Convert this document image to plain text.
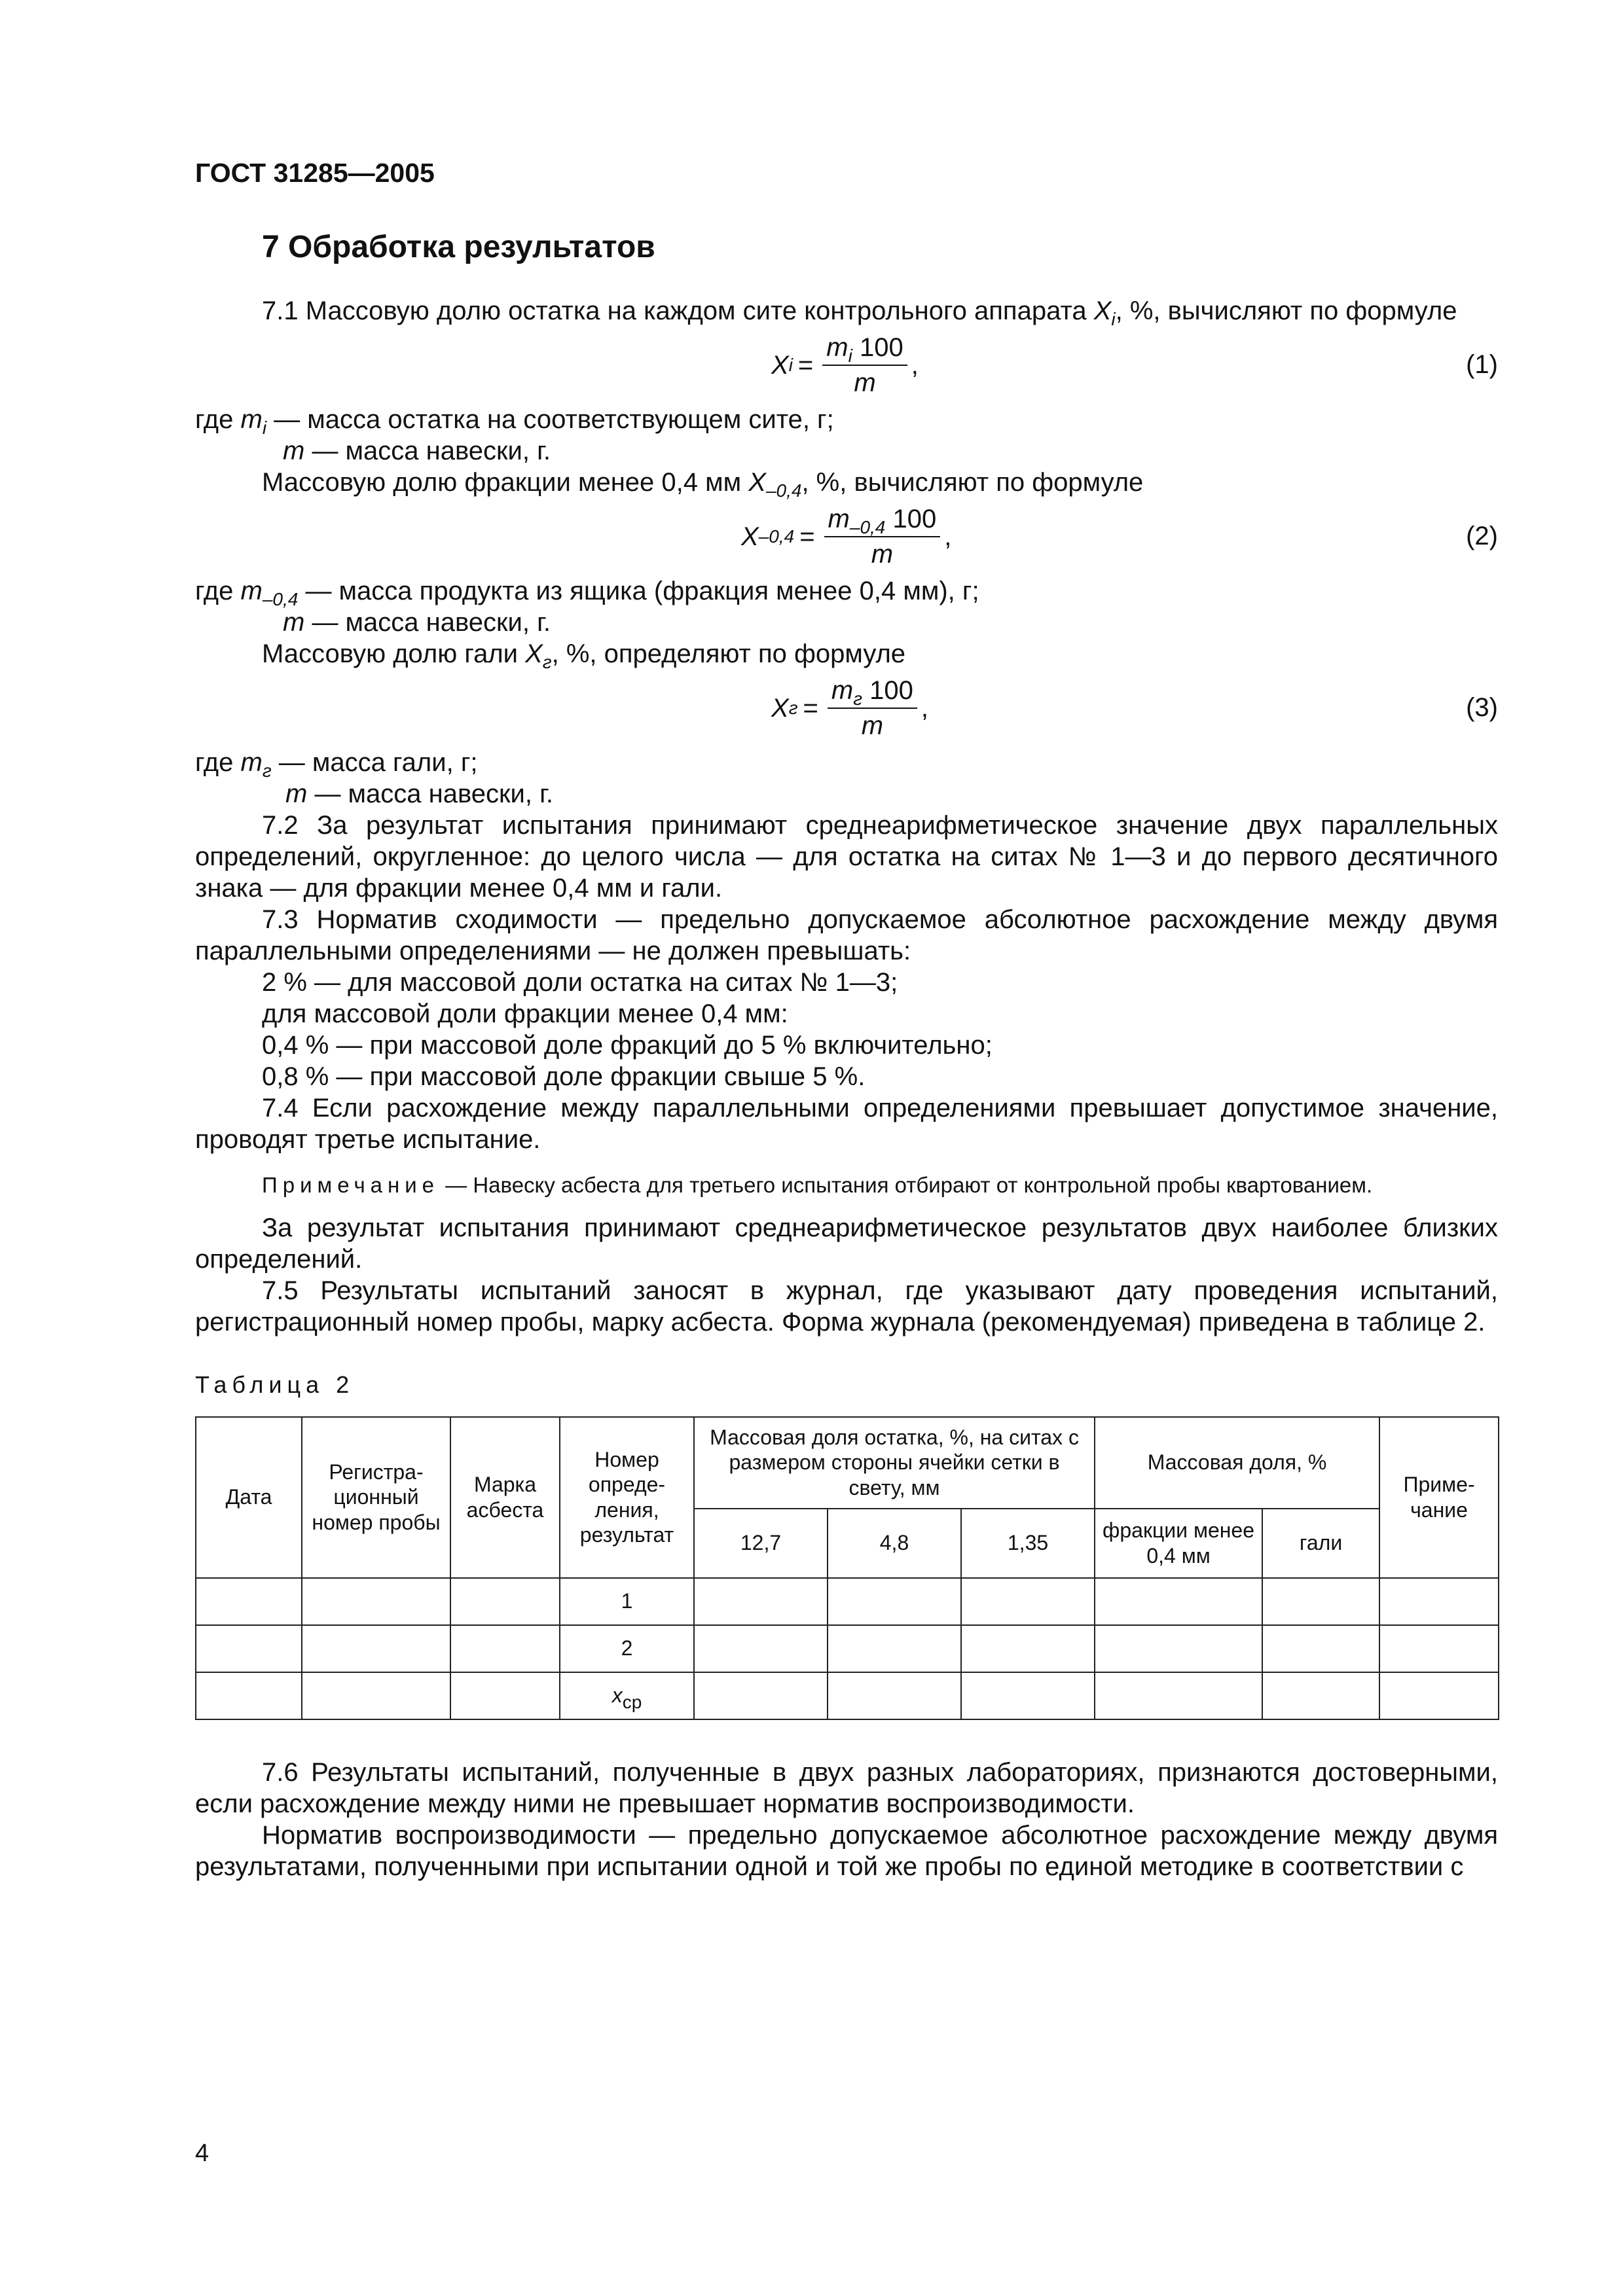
ГОСТ 31285—2005

7 Обработка результатов

7.1 Массовую долю остатка на каждом сите контрольного аппарата $X_i$, %, вычисляют по формуле

X $i = \frac{m_i 100}{m}$ ,	(1)

где $m_i$ — масса остатка на соответствующем сите, г;

m — масса навески, г.

Массовую долю фракции менее 0,4 мм $X_{-0,4}$, %, вычисляют по формуле

X $-0,4 = \frac{m_{-0,4} 100}{m}$ ,	(2)

где $m_{-0,4}$ — масса продукта из ящика (фракция менее 0,4 мм), г;

m — масса навески, г.

Массовую долю гали $X_г$, %, определяют по формуле

X $г = \frac{m_г 100}{m}$ ,	(3)

где $m_г$ — масса гали, г;

m — масса навески, г.

7.2 За результат испытания принимают среднеарифметическое значение двух параллельных определений, округленное: до целого числа — для остатка на ситах № 1—3 и до первого десятичного знака — для фракции менее 0,4 мм и гали.

7.3 Норматив сходимости — предельно допускаемое абсолютное расхождение между двумя параллельными определениями — не должен превышать:

2 % — для массовой доли остатка на ситах № 1—3;

для массовой доли фракции менее 0,4 мм:

0,4 % — при массовой доле фракций до 5 % включительно;

0,8 % — при массовой доле фракции свыше 5 %.

7.4 Если расхождение между параллельными определениями превышает допустимое значение, проводят третье испытание.

Примечание — Навеску асбеста для третьего испытания отбирают от контрольной пробы квартованием.

За результат испытания принимают среднеарифметическое результатов двух наиболее близких определений.

7.5 Результаты испытаний заносят в журнал, где указывают дату проведения испытаний, регистрационный номер пробы, марку асбеста. Форма журнала (рекомендуемая) приведена в таблице 2.

Таблица 2

Дата	Регистра-ционный номер пробы	Марка асбеста	Номер опреде-ления, результат	Массовая доля остатка, %, на ситах с размером стороны ячейки сетки в свету, мм			Массовая доля, %		Приме-чание
				12,7	4,8	1,35	фракции менее 0,4 мм	гали	
			1						
			2						
			$x_{ср}$						

7.6 Результаты испытаний, полученные в двух разных лабораториях, признаются достоверными, если расхождение между ними не превышает норматив воспроизводимости.

Норматив воспроизводимости — предельно допускаемое абсолютное расхождение между двумя результатами, полученными при испытании одной и той же пробы по единой методике в соответствии с

4
